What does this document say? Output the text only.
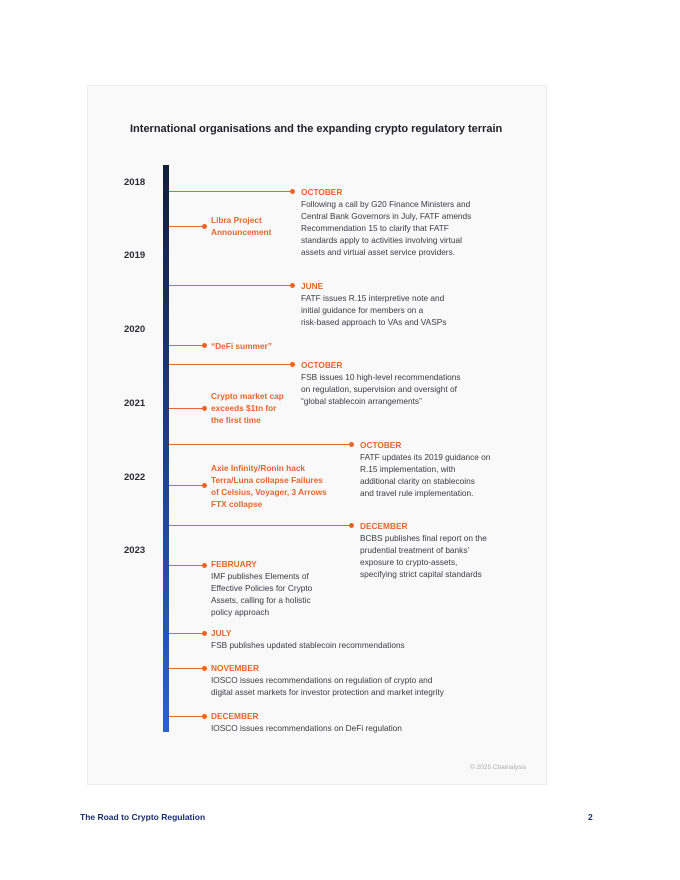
International organisations and the expanding crypto regulatory terrain
2018
2019
2020
2021
2022
2023
OCTOBER
Following a call by G20 Finance Ministers and
Central Bank Governors in July, FATF amends
Recommendation 15 to clarify that FATF
standards apply to activities involving virtual
assets and virtual asset service providers.
JUNE
FATF issues R.15 interpretive note and
initial guidance for members on a
risk-based approach to VAs and VASPs
OCTOBER
FSB issues 10 high-level recommendations
on regulation, supervision and oversight of
“global stablecoin arrangements”
OCTOBER
FATF updates its 2019 guidance on
R.15 implementation, with
additional clarity on stablecoins
and travel rule implementation.
DECEMBER
BCBS publishes final report on the
prudential treatment of banks’
exposure to crypto-assets,
specifying strict capital standards
Libra Project
Announcement
“DeFi summer”
Crypto market cap
exceeds $1tn for
the first time
Axie Infinity/Ronin hack
Terra/Luna collapse Failures
of Celsius, Voyager, 3 Arrows
FTX collapse
FEBRUARY
IMF publishes Elements of
Effective Policies for Crypto
Assets, calling for a holistic
policy approach
JULY
FSB publishes updated stablecoin recommendations
NOVEMBER
IOSCO issues recommendations on regulation of crypto and
digital asset markets for investor protection and market integrity
DECEMBER
IOSCO issues recommendations on DeFi regulation
© 2025 Chainalysis
The Road to Crypto Regulation	2
